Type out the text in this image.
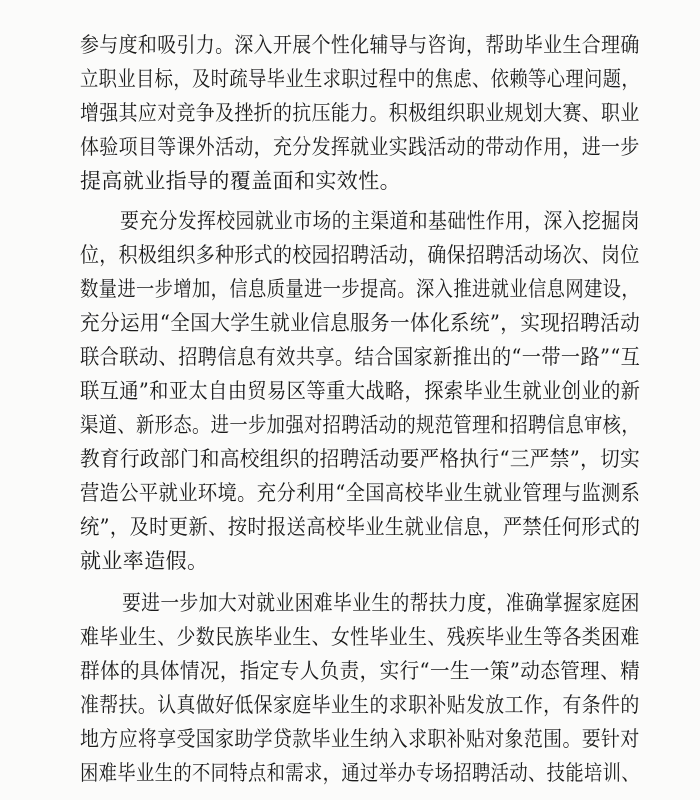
参与度和吸引力。深入开展个性化辅导与咨询，帮助毕业生合理确
立职业目标，及时疏导毕业生求职过程中的焦虑、依赖等心理问题，
增强其应对竞争及挫折的抗压能力。积极组织职业规划大赛、职业
体验项目等课外活动，充分发挥就业实践活动的带动作用，进一步
提高就业指导的覆盖面和实效性。
要充分发挥校园就业市场的主渠道和基础性作用，深入挖掘岗
位，积极组织多种形式的校园招聘活动，确保招聘活动场次、岗位
数量进一步增加，信息质量进一步提高。深入推进就业信息网建设，
充分运用“全国大学生就业信息服务一体化系统”，实现招聘活动
联合联动、招聘信息有效共享。结合国家新推出的“一带一路”“互
联互通”和亚太自由贸易区等重大战略，探索毕业生就业创业的新
渠道、新形态。进一步加强对招聘活动的规范管理和招聘信息审核，
教育行政部门和高校组织的招聘活动要严格执行“三严禁”，切实
营造公平就业环境。充分利用“全国高校毕业生就业管理与监测系
统”，及时更新、按时报送高校毕业生就业信息，严禁任何形式的
就业率造假。
要进一步加大对就业困难毕业生的帮扶力度，准确掌握家庭困
难毕业生、少数民族毕业生、女性毕业生、残疾毕业生等各类困难
群体的具体情况，指定专人负责，实行“一生一策”动态管理、精
准帮扶。认真做好低保家庭毕业生的求职补贴发放工作，有条件的
地方应将享受国家助学贷款毕业生纳入求职补贴对象范围。要针对
困难毕业生的不同特点和需求，通过举办专场招聘活动、技能培训、
